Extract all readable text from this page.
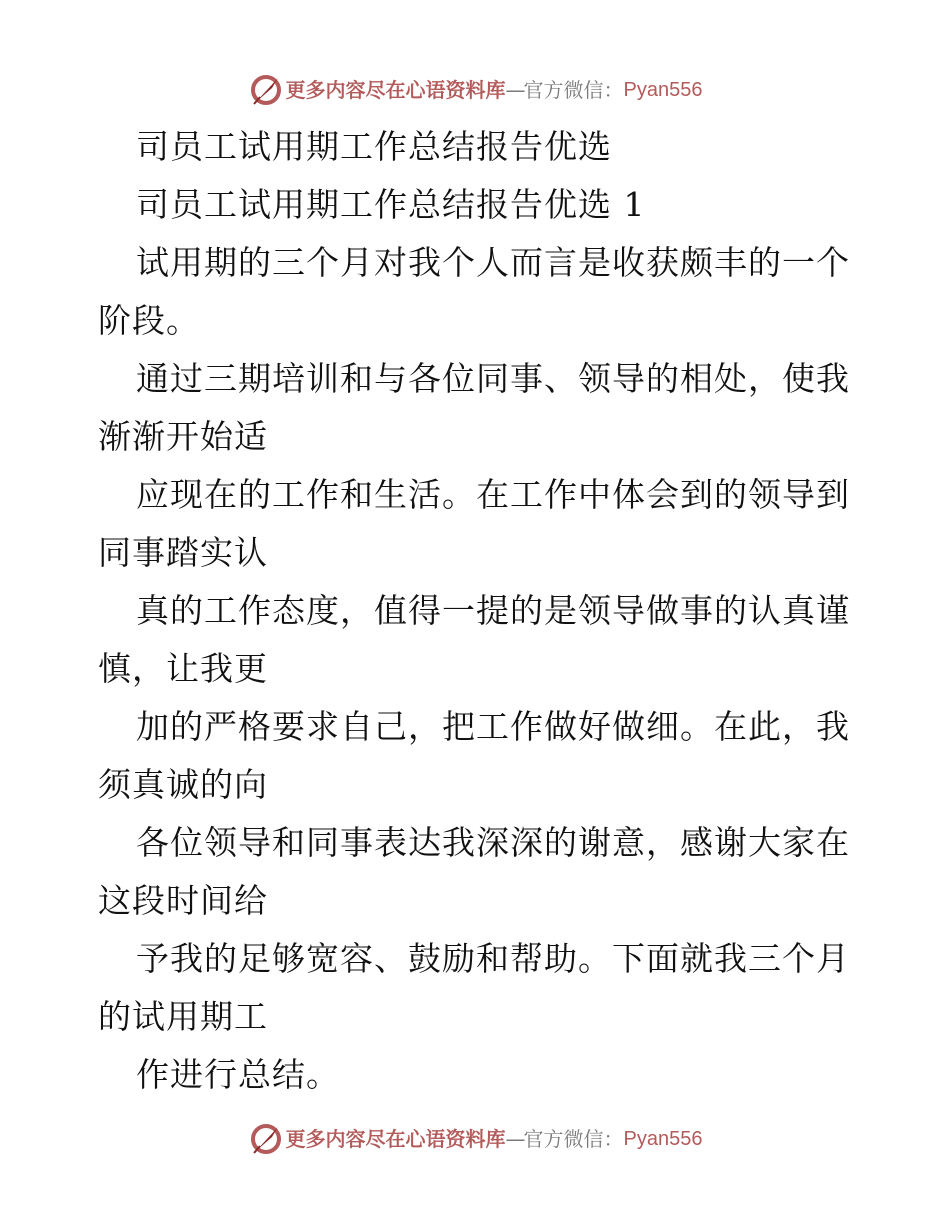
更多内容尽在心语资料库 — 官方微信： Pyan556
司员工试用期工作总结报告优选
司员工试用期工作总结报告优选 1
试用期的三个月对我个人而言是收获颇丰的一个
阶段。
通过三期培训和与各位同事、领导的相处，使我
渐渐开始适
应现在的工作和生活。在工作中体会到的领导到
同事踏实认
真的工作态度，值得一提的是领导做事的认真谨
慎，让我更
加的严格要求自己，把工作做好做细。在此，我
须真诚的向
各位领导和同事表达我深深的谢意，感谢大家在
这段时间给
予我的足够宽容、鼓励和帮助。下面就我三个月
的试用期工
作进行总结。
更多内容尽在心语资料库 — 官方微信： Pyan556
